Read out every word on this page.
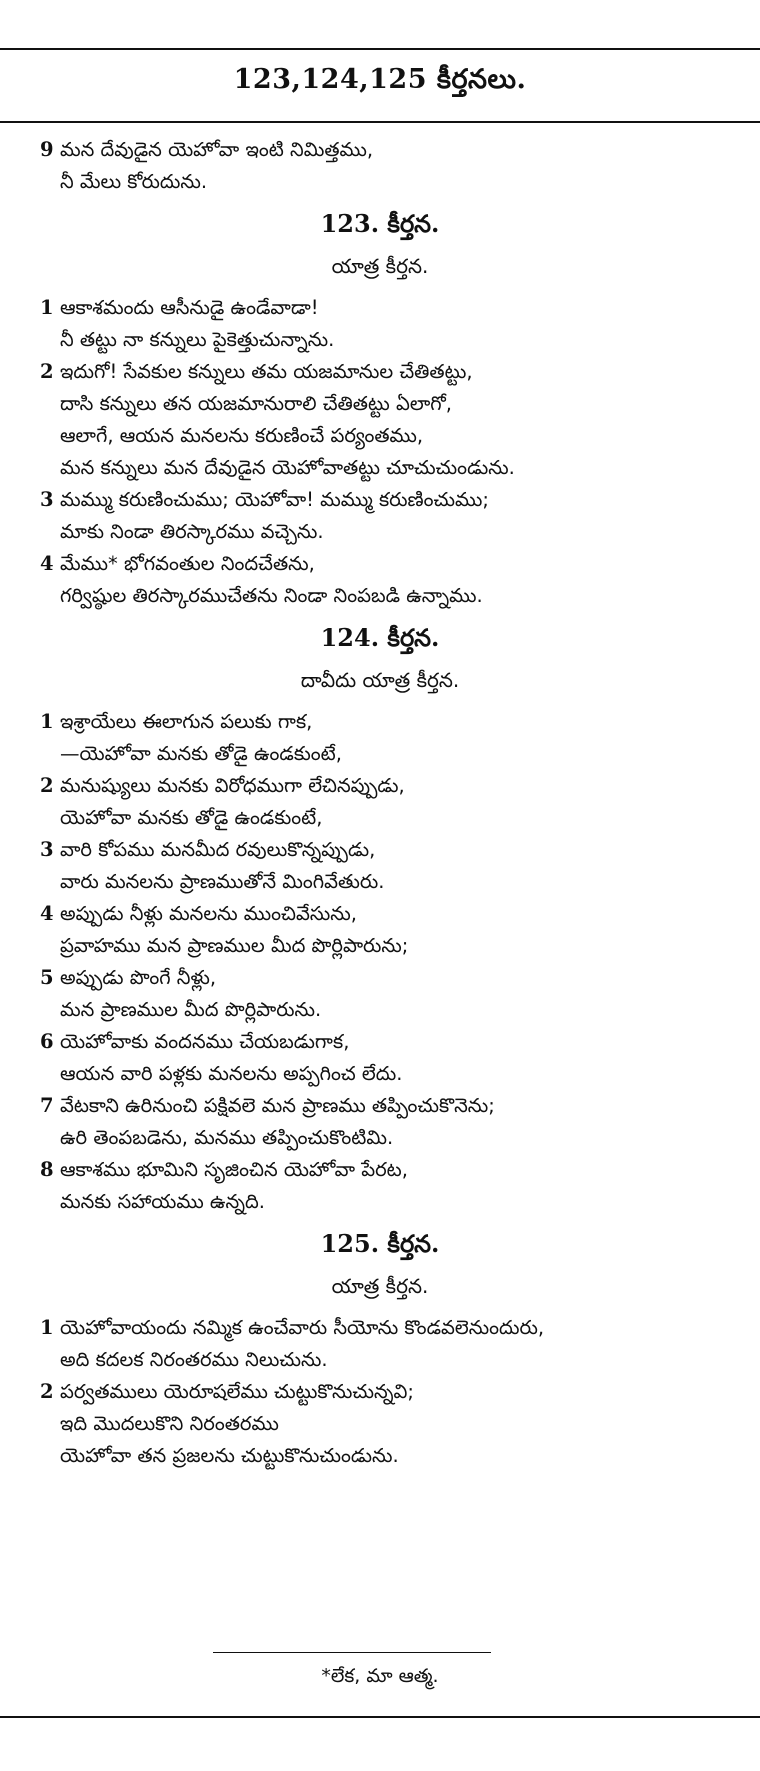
123,124,125 కీర్తనలు.
9 మన దేవుడైన యెహోవా ఇంటి నిమిత్తము,
నీ మేలు కోరుదును.
123. కీర్తన.
యాత్ర కీర్తన.
1 ఆకాశమందు ఆసీనుడై ఉండేవాడా!
నీ తట్టు నా కన్నులు పైకెత్తుచున్నాను.
2 ఇదుగో! సేవకుల కన్నులు తమ యజమానుల చేతితట్టు,
దాసి కన్నులు తన యజమానురాలి చేతితట్టు ఏలాగో,
ఆలాగే, ఆయన మనలను కరుణించే పర్యంతము,
మన కన్నులు మన దేవుడైన యెహోవాతట్టు చూచుచుండును.
3 మమ్ము కరుణించుము; యెహోవా! మమ్ము కరుణించుము;
మాకు నిండా తిరస్కారము వచ్చెను.
4 మేము* భోగవంతుల నిందచేతను,
గర్విష్ఠుల తిరస్కారముచేతను నిండా నింపబడి ఉన్నాము.
124. కీర్తన.
దావీదు యాత్ర కీర్తన.
1 ఇశ్రాయేలు ఈలాగున పలుకు గాక,
—యెహోవా మనకు తోడై ఉండకుంటే,
2 మనుష్యులు మనకు విరోధముగా లేచినప్పుడు,
యెహోవా మనకు తోడై ఉండకుంటే,
3 వారి కోపము మనమీద రవులుకొన్నప్పుడు,
వారు మనలను ప్రాణముతోనే మింగివేతురు.
4 అప్పుడు నీళ్లు మనలను ముంచివేసును,
ప్రవాహము మన ప్రాణముల మీద పొర్లిపారును;
5 అప్పుడు పొంగే నీళ్లు,
మన ప్రాణముల మీద పొర్లిపారును.
6 యెహోవాకు వందనము చేయబడుగాక,
ఆయన వారి పళ్లకు మనలను అప్పగించ లేదు.
7 వేటకాని ఉరినుంచి పక్షివలె మన ప్రాణము తప్పించుకొనెను;
ఉరి తెంపబడెను, మనము తప్పించుకొంటిమి.
8 ఆకాశము భూమిని సృజించిన యెహోవా పేరట,
మనకు సహాయము ఉన్నది.
125. కీర్తన.
యాత్ర కీర్తన.
1 యెహోవాయందు నమ్మిక ఉంచేవారు సీయోను కొండవలెనుందురు,
అది కదలక నిరంతరము నిలుచును.
2 పర్వతములు యెరూషలేము చుట్టుకొనుచున్నవి;
ఇది మొదలుకొని నిరంతరము
యెహోవా తన ప్రజలను చుట్టుకొనుచుండును.
*లేక, మా ఆత్మ.
